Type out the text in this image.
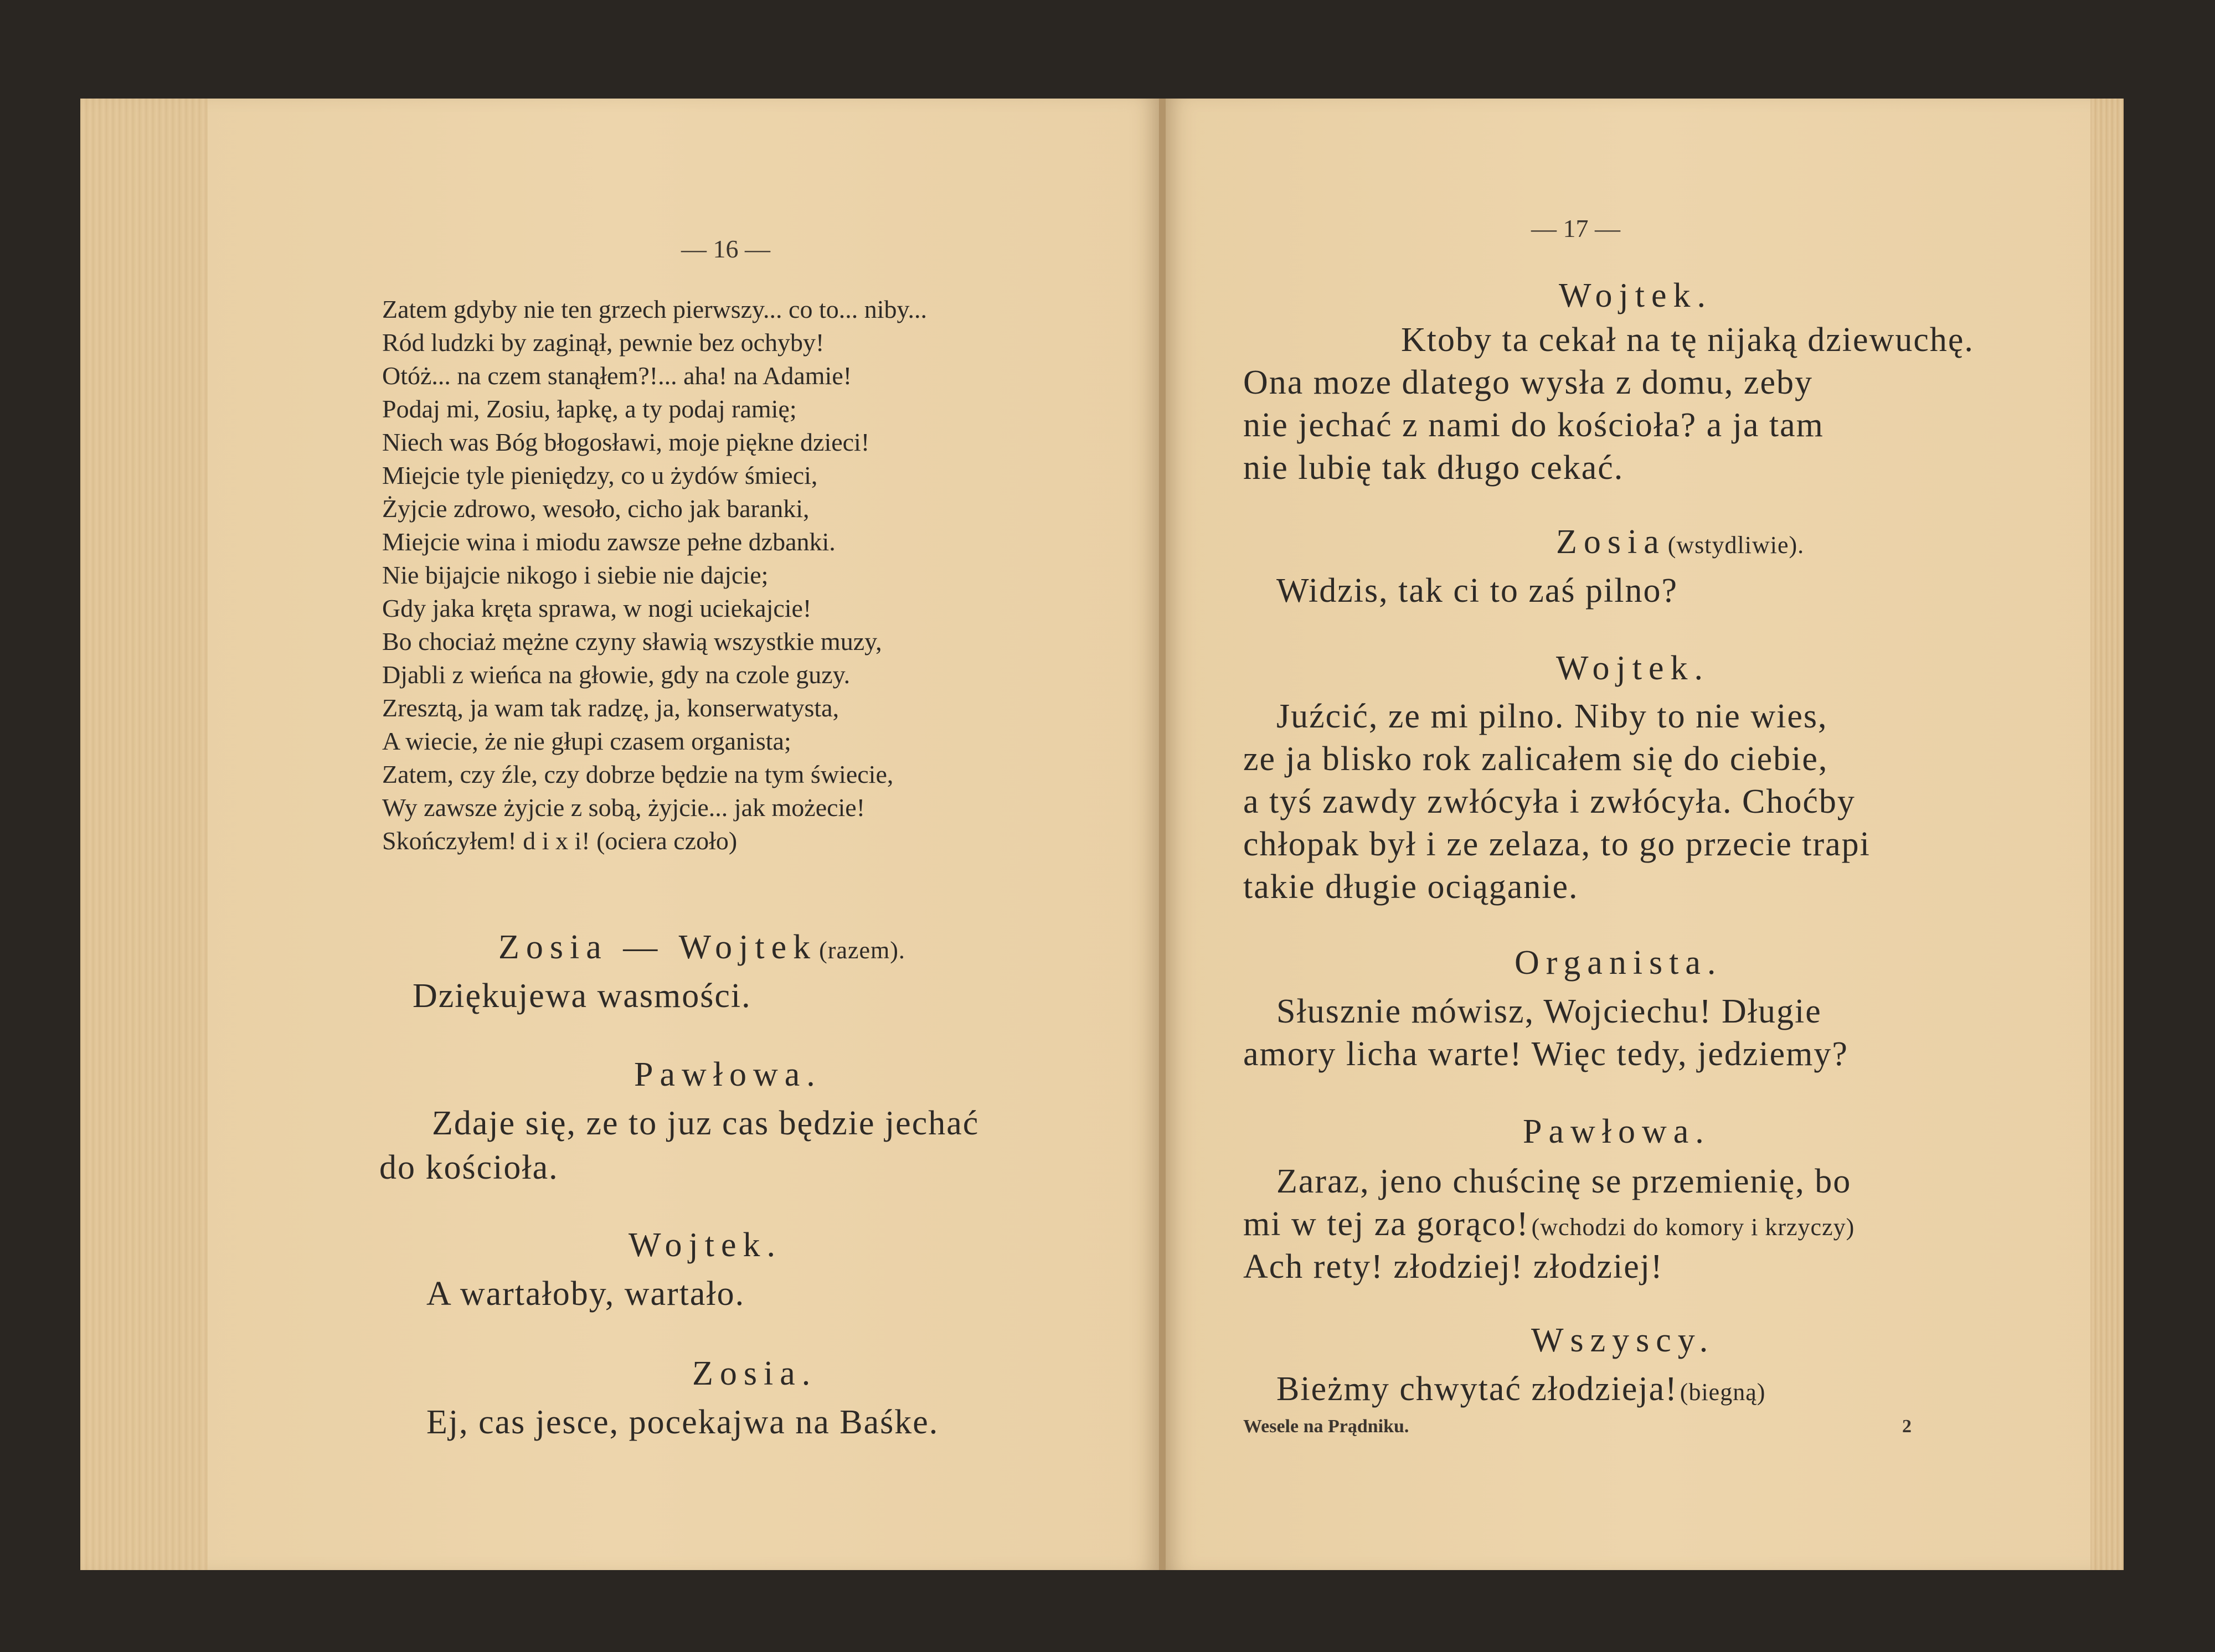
— 16 —
Zatem gdyby nie ten grzech pierwszy... co to... niby...
Ród ludzki by zaginął, pewnie bez ochyby!
Otóż... na czem stanąłem?!... aha! na Adamie!
Podaj mi, Zosiu, łapkę, a ty podaj ramię;
Niech was Bóg błogosławi, moje piękne dzieci!
Miejcie tyle pieniędzy, co u żydów śmieci,
Żyjcie zdrowo, wesoło, cicho jak baranki,
Miejcie wina i miodu zawsze pełne dzbanki.
Nie bijajcie nikogo i siebie nie dajcie;
Gdy jaka kręta sprawa, w nogi uciekajcie!
Bo chociaż mężne czyny sławią wszystkie muzy,
Djabli z wieńca na głowie, gdy na czole guzy.
Zresztą, ja wam tak radzę, ja, konserwatysta,
A wiecie, że nie głupi czasem organista;
Zatem, czy źle, czy dobrze będzie na tym świecie,
Wy zawsze żyjcie z sobą, żyjcie... jak możecie!
Skończyłem! d i x i! (ociera czoło)
Zosia — Wojtek (razem).
Dziękujewa wasmości.
Pawłowa.
Zdaje się, ze to juz cas będzie jechać
do kościoła.
Wojtek.
A wartałoby, wartało.
Zosia.
Ej, cas jesce, pocekajwa na Baśke.
— 17 —
Wojtek.
Ktoby ta cekał na tę nijaką dziewuchę.
Ona moze dlatego wysła z domu, zeby
nie jechać z nami do kościoła? a ja tam
nie lubię tak długo cekać.
Zosia (wstydliwie).
Widzis, tak ci to zaś pilno?
Wojtek.
Juźcić, ze mi pilno. Niby to nie wies,
ze ja blisko rok zalicałem się do ciebie,
a tyś zawdy zwłócyła i zwłócyła. Choćby
chłopak był i ze zelaza, to go przecie trapi
takie długie ociąganie.
Organista.
Słusznie mówisz, Wojciechu! Długie
amory licha warte! Więc tedy, jedziemy?
Pawłowa.
Zaraz, jeno chuścinę se przemienię, bo
mi w tej za gorąco! (wchodzi do komory i krzyczy)
Ach rety! złodziej! złodziej!
Wszyscy.
Bieżmy chwytać złodzieja! (biegną)
Wesele na Prądniku.	2
